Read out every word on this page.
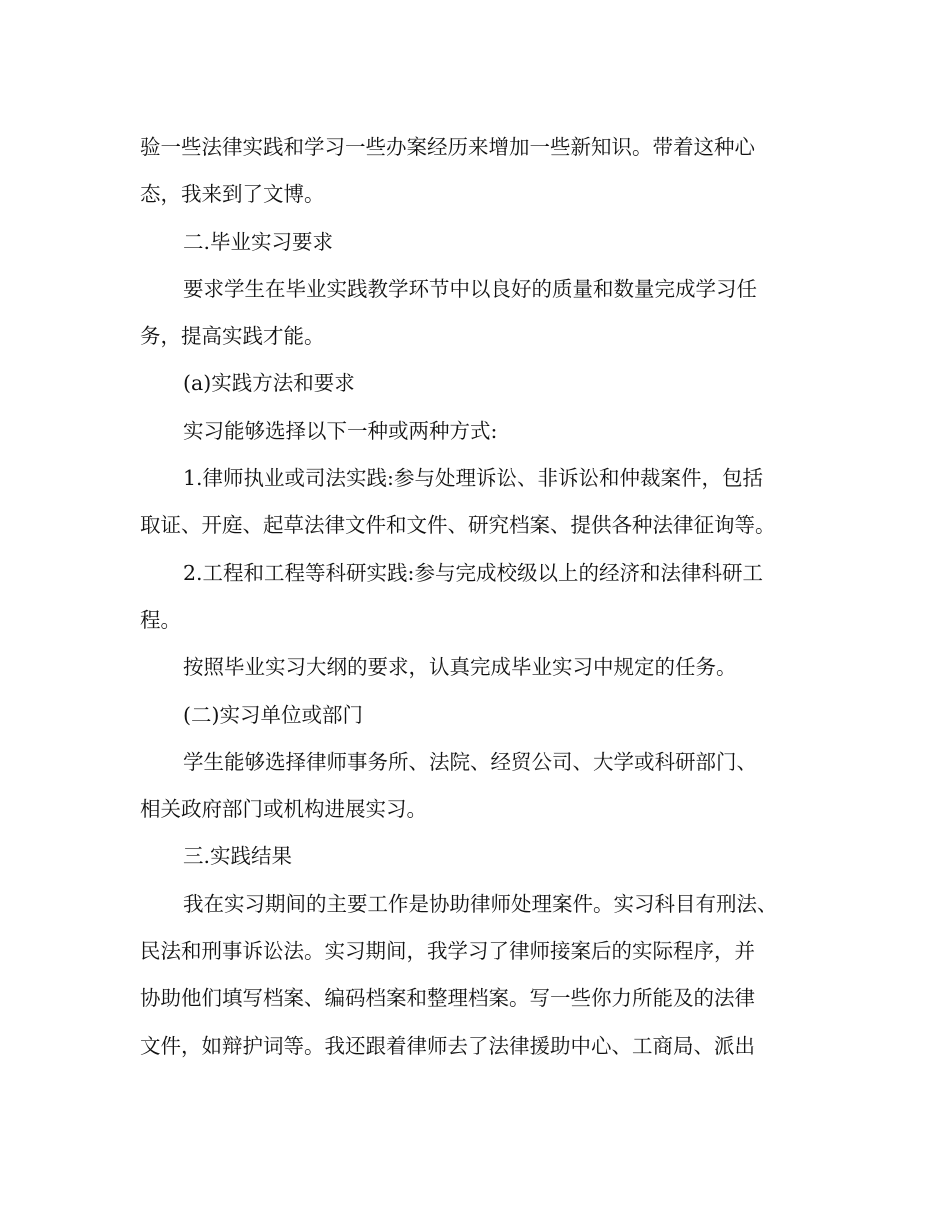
验一些法律实践和学习一些办案经历来增加一些新知识。带着这种心

态，我来到了文博。

二.毕业实习要求

要求学生在毕业实践教学环节中以良好的质量和数量完成学习任

务，提高实践才能。

(a)实践方法和要求

实习能够选择以下一种或两种方式:

1.律师执业或司法实践:参与处理诉讼、非诉讼和仲裁案件，包括

取证、开庭、起草法律文件和文件、研究档案、提供各种法律征询等。

2.工程和工程等科研实践:参与完成校级以上的经济和法律科研工

程。

按照毕业实习大纲的要求，认真完成毕业实习中规定的任务。

(二)实习单位或部门

学生能够选择律师事务所、法院、经贸公司、大学或科研部门、

相关政府部门或机构进展实习。

三.实践结果

我在实习期间的主要工作是协助律师处理案件。实习科目有刑法、

民法和刑事诉讼法。实习期间，我学习了律师接案后的实际程序，并

协助他们填写档案、编码档案和整理档案。写一些你力所能及的法律

文件，如辩护词等。我还跟着律师去了法律援助中心、工商局、派出
